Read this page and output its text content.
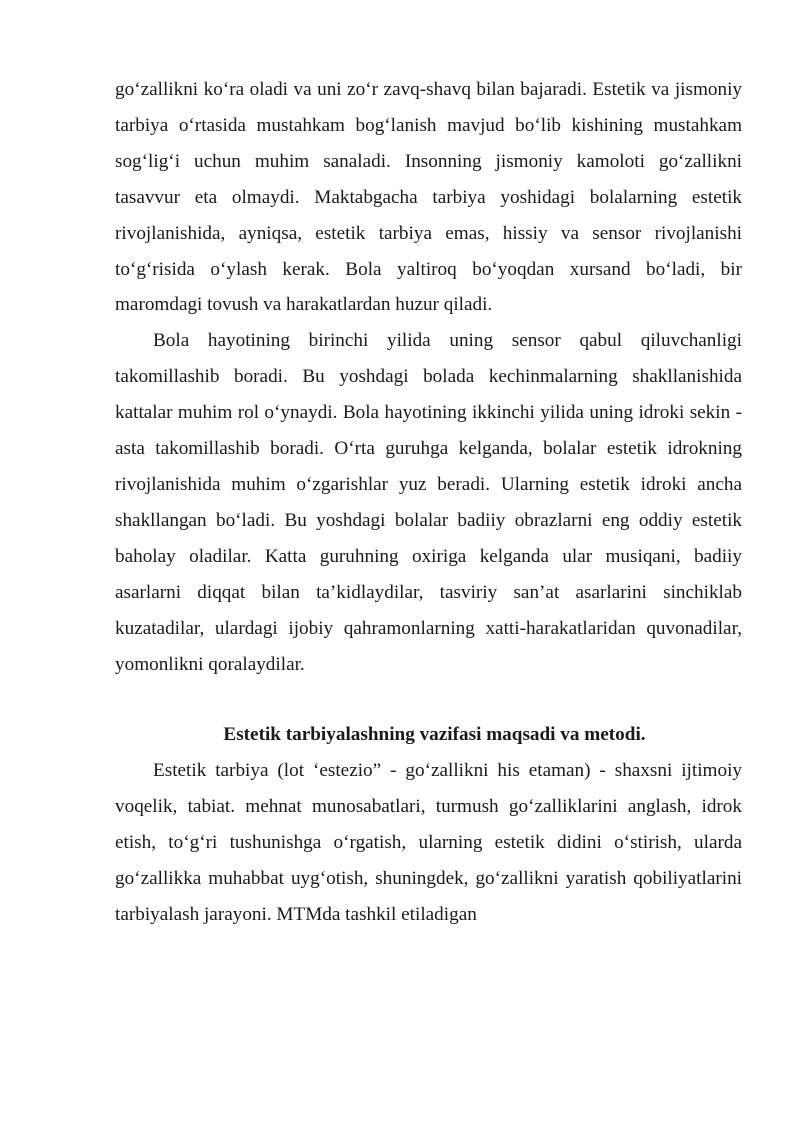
go‘zallikni ko‘ra oladi va uni zo‘r zavq-shavq bilan bajaradi. Estetik va jismoniy tarbiya o‘rtasida mustahkam bog‘lanish mavjud bo‘lib kishining mustahkam sog‘lig‘i uchun muhim sanaladi. Insonning jismoniy kamoloti go‘zallikni tasavvur eta olmaydi. Maktabgacha tarbiya yoshidagi bolalarning estetik rivojlanishida, ayniqsa, estetik tarbiya emas, hissiy va sensor rivojlanishi to‘g‘risida o‘ylash kerak. Bola yaltiroq bo‘yoqdan xursand bo‘ladi, bir maromdagi tovush va harakatlardan huzur qiladi.

Bola hayotining birinchi yilida uning sensor qabul qiluvchanligi takomillashib boradi. Bu yoshdagi bolada kechinmalarning shakllanishida kattalar muhim rol o‘ynaydi. Bola hayotining ikkinchi yilida uning idroki sekin - asta takomillashib boradi. O‘rta guruhga kelganda, bolalar estetik idrokning rivojlanishida muhim o‘zgarishlar yuz beradi. Ularning estetik idroki ancha shakllangan bo‘ladi. Bu yoshdagi bolalar badiiy obrazlarni eng oddiy estetik baholay oladilar. Katta guruhning oxiriga kelganda ular musiqani, badiiy asarlarni diqqat bilan ta’kidlaydilar, tasviriy san’at asarlarini sinchiklab kuzatadilar, ulardagi ijobiy qahramonlarning xatti-harakatlaridan quvonadilar, yomonlikni qoralaydilar.

Estetik tarbiyalashning vazifasi maqsadi va metodi.

Estetik tarbiya (lot ‘estezio” - go‘zallikni his etaman) - shaxsni ijtimoiy voqelik, tabiat. mehnat munosabatlari, turmush go‘zalliklarini anglash, idrok etish, to‘g‘ri tushunishga o‘rgatish, ularning estetik didini o‘stirish, ularda go‘zallikka muhabbat uyg‘otish, shuningdek, go‘zallikni yaratish qobiliyatlarini tarbiyalash jarayoni. MTMda tashkil etiladigan
